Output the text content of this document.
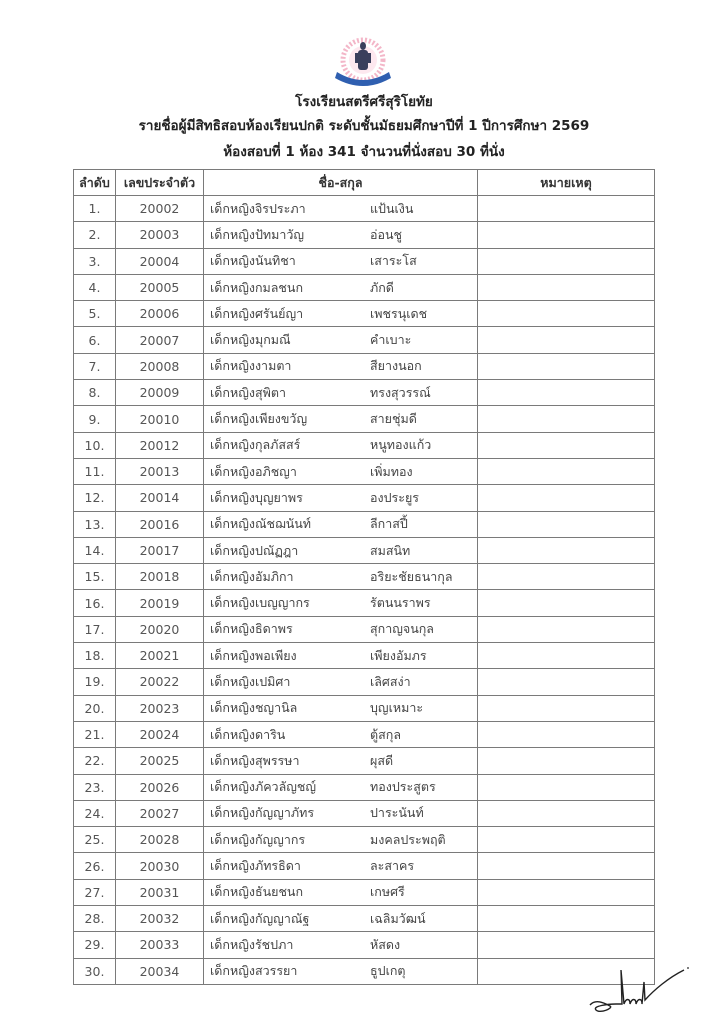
โรงเรียนสตรีศรีสุริโยทัย
รายชื่อผู้มีสิทธิสอบห้องเรียนปกติ ระดับชั้นมัธยมศึกษาปีที่ 1 ปีการศึกษา 2569
ห้องสอบที่ 1 ห้อง 341 จำนวนที่นั่งสอบ 30 ที่นั่ง
ลำดับ	เลขประจำตัว	ชื่อ-สกุล	หมายเหตุ
1.	20002	เด็กหญิงจิรประภา แป้นเงิน	
2.	20003	เด็กหญิงปัทมาวัญ อ่อนชู	
3.	20004	เด็กหญิงนันทิชา เสาระโส	
4.	20005	เด็กหญิงกมลชนก ภักดี	
5.	20006	เด็กหญิงศรันย์ญา เพชรนุเดช	
6.	20007	เด็กหญิงมุกมณี คำเบาะ	
7.	20008	เด็กหญิงงามตา สียางนอก	
8.	20009	เด็กหญิงสุพิตา ทรงสุวรรณ์	
9.	20010	เด็กหญิงเพียงขวัญ สายชุ่มดี	
10.	20012	เด็กหญิงกุลภัสสร์ หนูทองแก้ว	
11.	20013	เด็กหญิงอภิชญา เพิ่มทอง	
12.	20014	เด็กหญิงบุญยาพร องประยูร	
13.	20016	เด็กหญิงณัชฌนันท์ ลีกาสปี้	
14.	20017	เด็กหญิงปณัฏฎา สมสนิท	
15.	20018	เด็กหญิงอัมภิกา อริยะชัยธนากุล	
16.	20019	เด็กหญิงเบญญากร รัตนนราพร	
17.	20020	เด็กหญิงธิดาพร สุกาญจนกุล	
18.	20021	เด็กหญิงพอเพียง เพียงอัมภร	
19.	20022	เด็กหญิงเปมิศา เลิศสง่า	
20.	20023	เด็กหญิงชญานิล บุญเหมาะ	
21.	20024	เด็กหญิงดาริน ตู้สกุล	
22.	20025	เด็กหญิงสุพรรษา ผุสดี	
23.	20026	เด็กหญิงภัควลัญชญ์ ทองประสูตร	
24.	20027	เด็กหญิงกัญญาภัทร ปาระนันท์	
25.	20028	เด็กหญิงกัญญากร มงคลประพฤติ	
26.	20030	เด็กหญิงภัทรธิดา ละสาคร	
27.	20031	เด็กหญิงธันยชนก เกษศรี	
28.	20032	เด็กหญิงกัญญาณัฐ เฉลิมวัฒน์	
29.	20033	เด็กหญิงรัชปภา หัสดง	
30.	20034	เด็กหญิงสวรรยา ธูปเกตุ	
